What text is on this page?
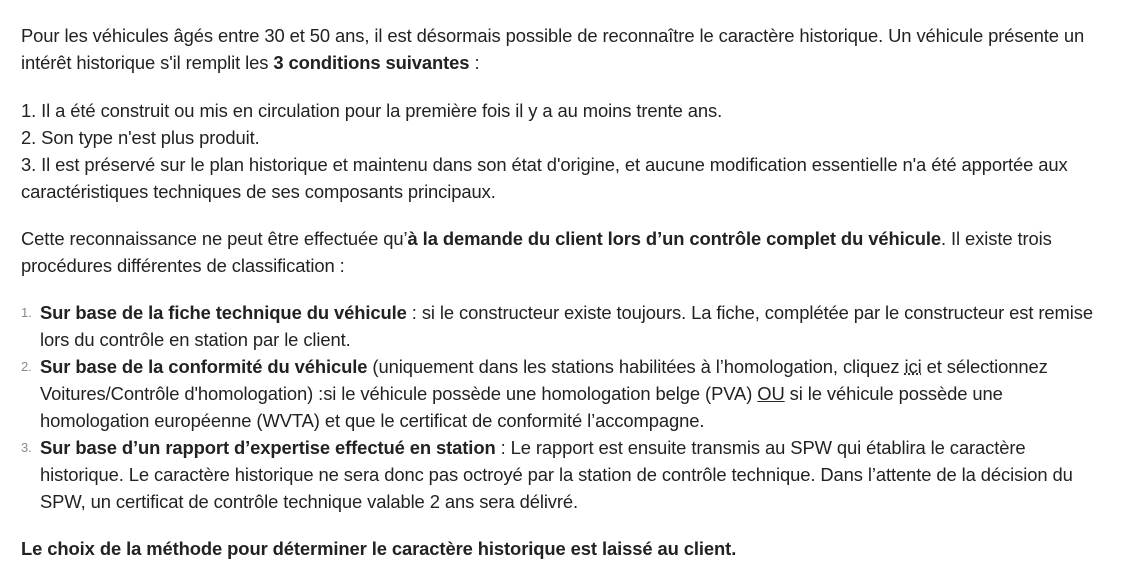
Pour les véhicules âgés entre 30 et 50 ans, il est désormais possible de reconnaître le caractère historique. Un véhicule présente un intérêt historique s'il remplit les 3 conditions suivantes :

1. Il a été construit ou mis en circulation pour la première fois il y a au moins trente ans.
2. Son type n'est plus produit.
3. Il est préservé sur le plan historique et maintenu dans son état d'origine, et aucune modification essentielle n'a été apportée aux caractéristiques techniques de ses composants principaux.

Cette reconnaissance ne peut être effectuée qu’à la demande du client lors d’un contrôle complet du véhicule. Il existe trois procédures différentes de classification :

1. Sur base de la fiche technique du véhicule : si le constructeur existe toujours. La fiche, complétée par le constructeur est remise lors du contrôle en station par le client.
2. Sur base de la conformité du véhicule (uniquement dans les stations habilitées à l’homologation, cliquez ici et sélectionnez Voitures/Contrôle d'homologation) :si le véhicule possède une homologation belge (PVA) OU si le véhicule possède une homologation européenne (WVTA) et que le certificat de conformité l’accompagne.
3. Sur base d’un rapport d’expertise effectué en station : Le rapport est ensuite transmis au SPW qui établira le caractère historique. Le caractère historique ne sera donc pas octroyé par la station de contrôle technique. Dans l’attente de la décision du SPW, un certificat de contrôle technique valable 2 ans sera délivré.

Le choix de la méthode pour déterminer le caractère historique est laissé au client.
